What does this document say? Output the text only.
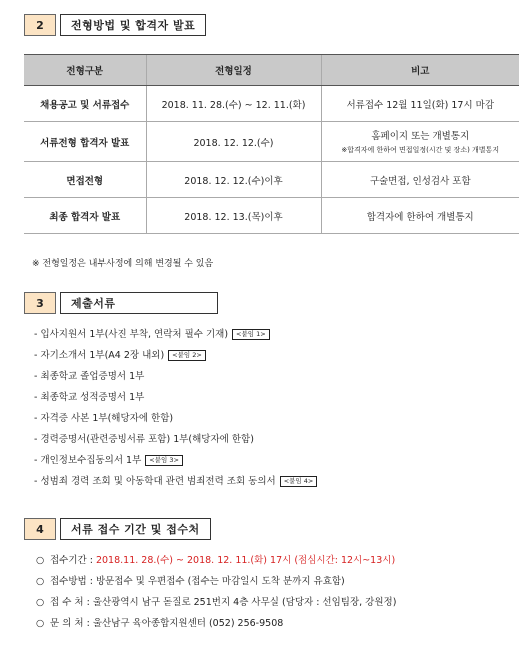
2	전형방법 및 합격자 발표
전형구분	전형일정	비고
채용공고 및 서류접수	2018. 11. 28.(수) ~ 12. 11.(화)	서류접수 12월 11일(화) 17시 마감
서류전형 합격자 발표	2018. 12. 12.(수)	홈페이지 또는 개별통지
※합격자에 한하여 면접일정(시간 및 장소) 개별통지

면접전형	2018. 12. 12.(수)이후	구술면접, 인성검사 포함
최종 합격자 발표	2018. 12. 13.(목)이후	합격자에 한하여 개별통지
※ 전형일정은 내부사정에 의해 변경될 수 있음
3	제출서류
- 입사지원서 1부(사진 부착, 연락처 필수 기재) <붙임 1>
- 자기소개서 1부(A4 2장 내외) <붙임 2>
- 최종학교 졸업증명서 1부
- 최종학교 성적증명서 1부
- 자격증 사본 1부(해당자에 한함)
- 경력증명서(관련증빙서류 포함) 1부(해당자에 한함)
- 개인정보수집동의서 1부 <붙임 3>
- 성범죄 경력 조회 및 아동학대 관련 범죄전력 조회 동의서 <붙임 4>
4	서류 접수 기간 및 접수처
○ 접수기간 : 2018.11. 28.(수) ~ 2018. 12. 11.(화) 17시 (점심시간: 12시~13시)
○ 접수방법 : 방문접수 및 우편접수 (접수는 마감일시 도착 분까지 유효함)
○ 접 수 처 : 울산광역시 남구 돋질로 251번지 4층 사무실 (담당자 : 선임팀장, 강원정)
○ 문 의 처 : 울산남구 육아종합지원센터 (052) 256-9508
